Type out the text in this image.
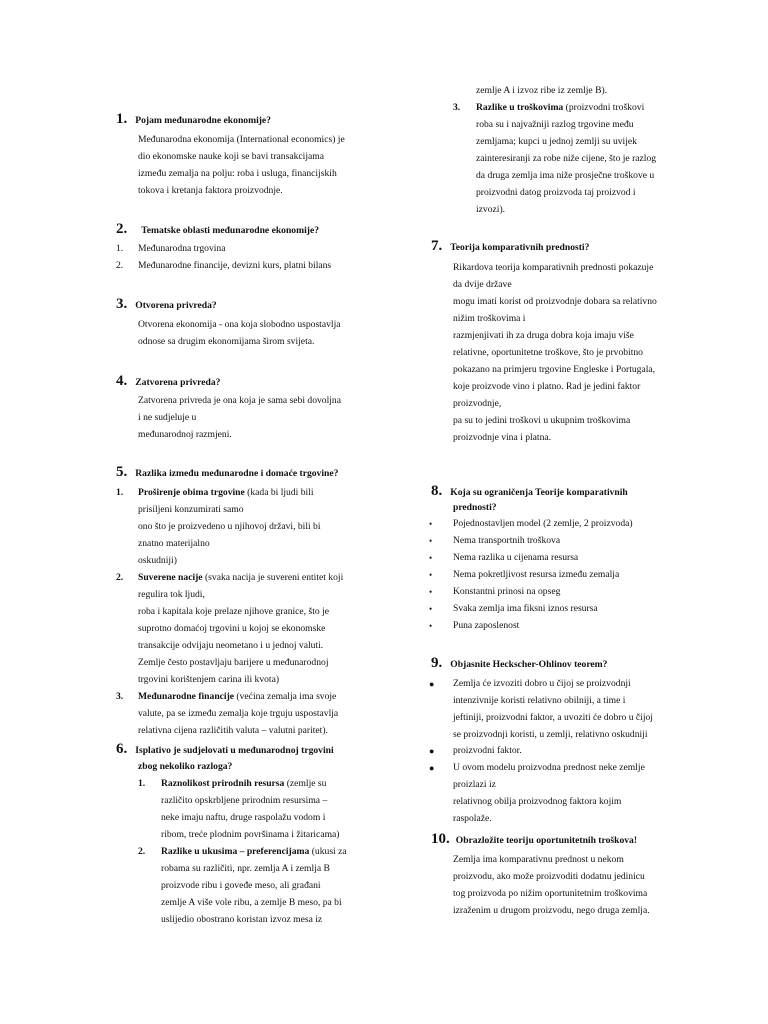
1. Pojam međunarodne ekonomije?
Međunarodna ekonomija (International economics) je
dio ekonomske nauke koji se bavi transakcijama
između zemalja na polju: roba i usluga, financijskih
tokova i kretanja faktora proizvodnje.
2. Tematske oblasti međunarodne ekonomije?
1. Međunarodna trgovina
2. Međunarodne financije, devizni kurs, platni bilans
3. Otvorena privreda?
Otvorena ekonomija - ona koja slobodno uspostavlja
odnose sa drugim ekonomijama širom svijeta.
4. Zatvorena privreda?
Zatvorena privreda je ona koja je sama sebi dovoljna
i ne sudjeluje u
međunarodnoj razmjeni.
5. Razlika između međunarodne i domaće trgovine?
1. Proširenje obima trgovine (kada bi ljudi bili
prisiljeni konzumirati samo
ono što je proizvedeno u njihovoj državi, bili bi
znatno materijalno
oskudniji)
2. Suverene nacije (svaka nacija je suvereni entitet koji
regulira tok ljudi,
roba i kapitala koje prelaze njihove granice, što je
suprotno domaćoj trgovini u kojoj se ekonomske
transakcije odvijaju neometano i u jednoj valuti.
Zemlje često postavljaju barijere u međunarodnoj
trgovini korištenjem carina ili kvota)
3. Međunarodne financije (većina zemalja ima svoje
valute, pa se između zemalja koje trguju uspostavlja
relativna cijena različitih valuta – valutni paritet).
6. Isplativo je sudjelovati u međunarodnoj trgovini
zbog nekoliko razloga?
1. Raznolikost prirodnih resursa (zemlje su
različito opskrbljene prirodnim resursima –
neke imaju naftu, druge raspolažu vodom i
ribom, treće plodnim površinama i žitaricama)
2. Razlike u ukusima – preferencijama (ukusi za
robama su različiti, npr. zemlja A i zemlja B
proizvode ribu i goveđe meso, ali građani
zemlje A više vole ribu, a zemlje B meso, pa bi
uslijedio obostrano koristan izvoz mesa iz
zemlje A i izvoz ribe iz zemlje B).
3. Razlike u troškovima (proizvodni troškovi
roba su i najvažniji razlog trgovine među
zemljama; kupci u jednoj zemlji su uvijek
zainteresiranji za robe niže cijene, što je razlog
da druga zemlja ima niže prosječne troškove u
proizvodni datog proizvoda taj proizvod i
izvozi).
7. Teorija komparativnih prednosti?
Rikardova teorija komparativnih prednosti pokazuje
da dvije države
mogu imati korist od proizvodnje dobara sa relativno
nižim troškovima i
razmjenjivati ih za druga dobra koja imaju više
relativne, oportunitetne troškove, što je prvobitno
pokazano na primjeru trgovine Engleske i Portugala,
koje proizvode vino i platno. Rad je jedini faktor
proizvodnje,
pa su to jedini troškovi u ukupnim troškovima
proizvodnje vina i platna.
8. Koja su ograničenja Teorije komparativnih
prednosti?
• Pojednostavljen model (2 zemlje, 2 proizvoda)
• Nema transportnih troškova
• Nema razlika u cijenama resursa
• Nema pokretljivost resursa između zemalja
• Konstantni prinosi na opseg
• Svaka zemlja ima fiksni iznos resursa
• Puna zaposlenost
9. Objasnite Heckscher-Ohlinov teorem?
● Zemlja će izvoziti dobro u čijoj se proizvodnji
intenzivnije koristi relativno obilniji, a time i
jeftiniji, proizvodni faktor, a uvoziti će dobro u čijoj
se proizvodnji koristi, u zemlji, relativno oskudniji
● proizvodni faktor.
● U ovom modelu proizvodna prednost neke zemlje
proizlazi iz
relativnog obilja proizvodnog faktora kojim
raspolaže.
10. Obrazložite teoriju oportunitetnih troškova!
Zemlja ima komparativnu prednost u nekom
proizvodu, ako može proizvoditi dodatnu jedinicu
tog proizvoda po nižim oportunitetnim troškovima
izraženim u drugom proizvodu, nego druga zemlja.
